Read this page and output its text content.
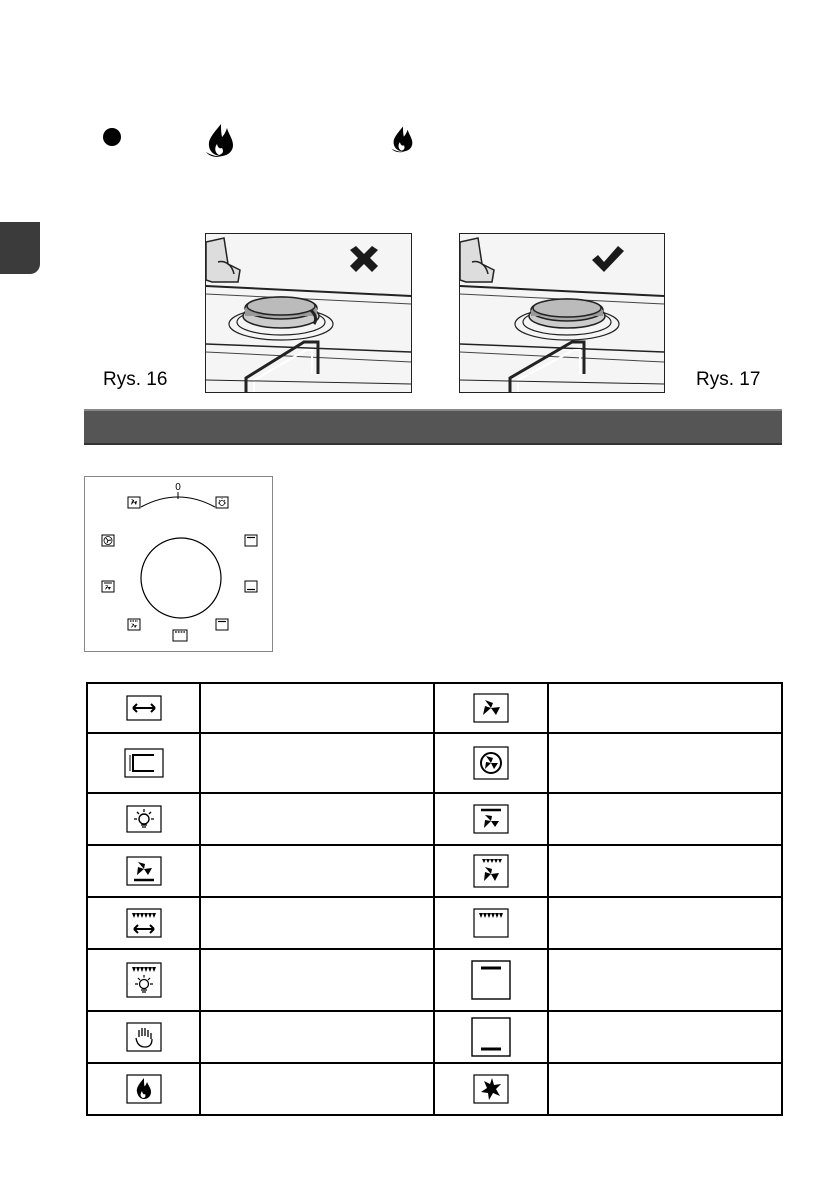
Rys. 16	Rys. 17
0
